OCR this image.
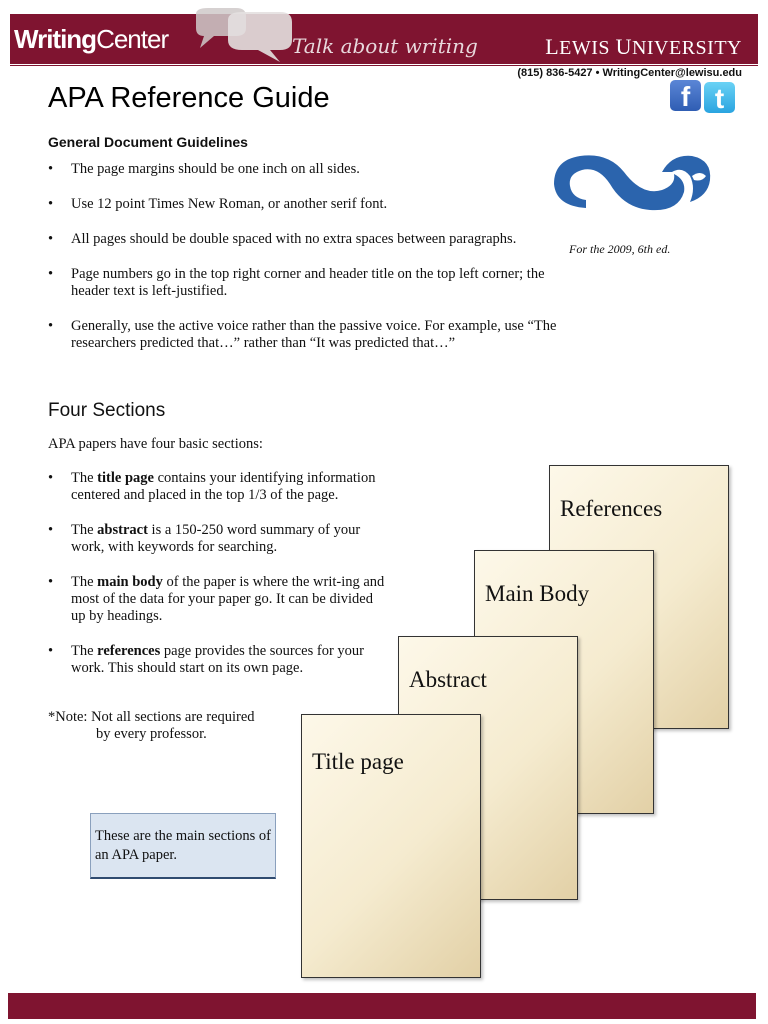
WritingCenter	Talk about writing	LEWIS UNIVERSITY
(815) 836-5427 • WritingCenter@lewisu.edu
f t
APA Reference Guide
General Document Guidelines
• The page margins should be one inch on all sides.
• Use 12 point Times New Roman, or another serif font.
• All pages should be double spaced with no extra spaces between paragraphs.
• Page numbers go in the top right corner and header title on the top left corner; the header text is left-justified.
• Generally, use the active voice rather than the passive voice. For example, use “The researchers predicted that…” rather than “It was predicted that…”
For the 2009, 6th ed.
Four Sections
APA papers have four basic sections:
• The title page contains your identifying information centered and placed in the top 1/3 of the page.
• The abstract is a 150-250 word summary of your work, with keywords for searching.
• The main body of the paper is where the writ-ing and most of the data for your paper go. It can be divided up by headings.
• The references page provides the sources for your work. This should start on its own page.
*Note: Not all sections are required
by every professor.
These are the main sections of an APA paper.
References
Main Body
Abstract
Title page
